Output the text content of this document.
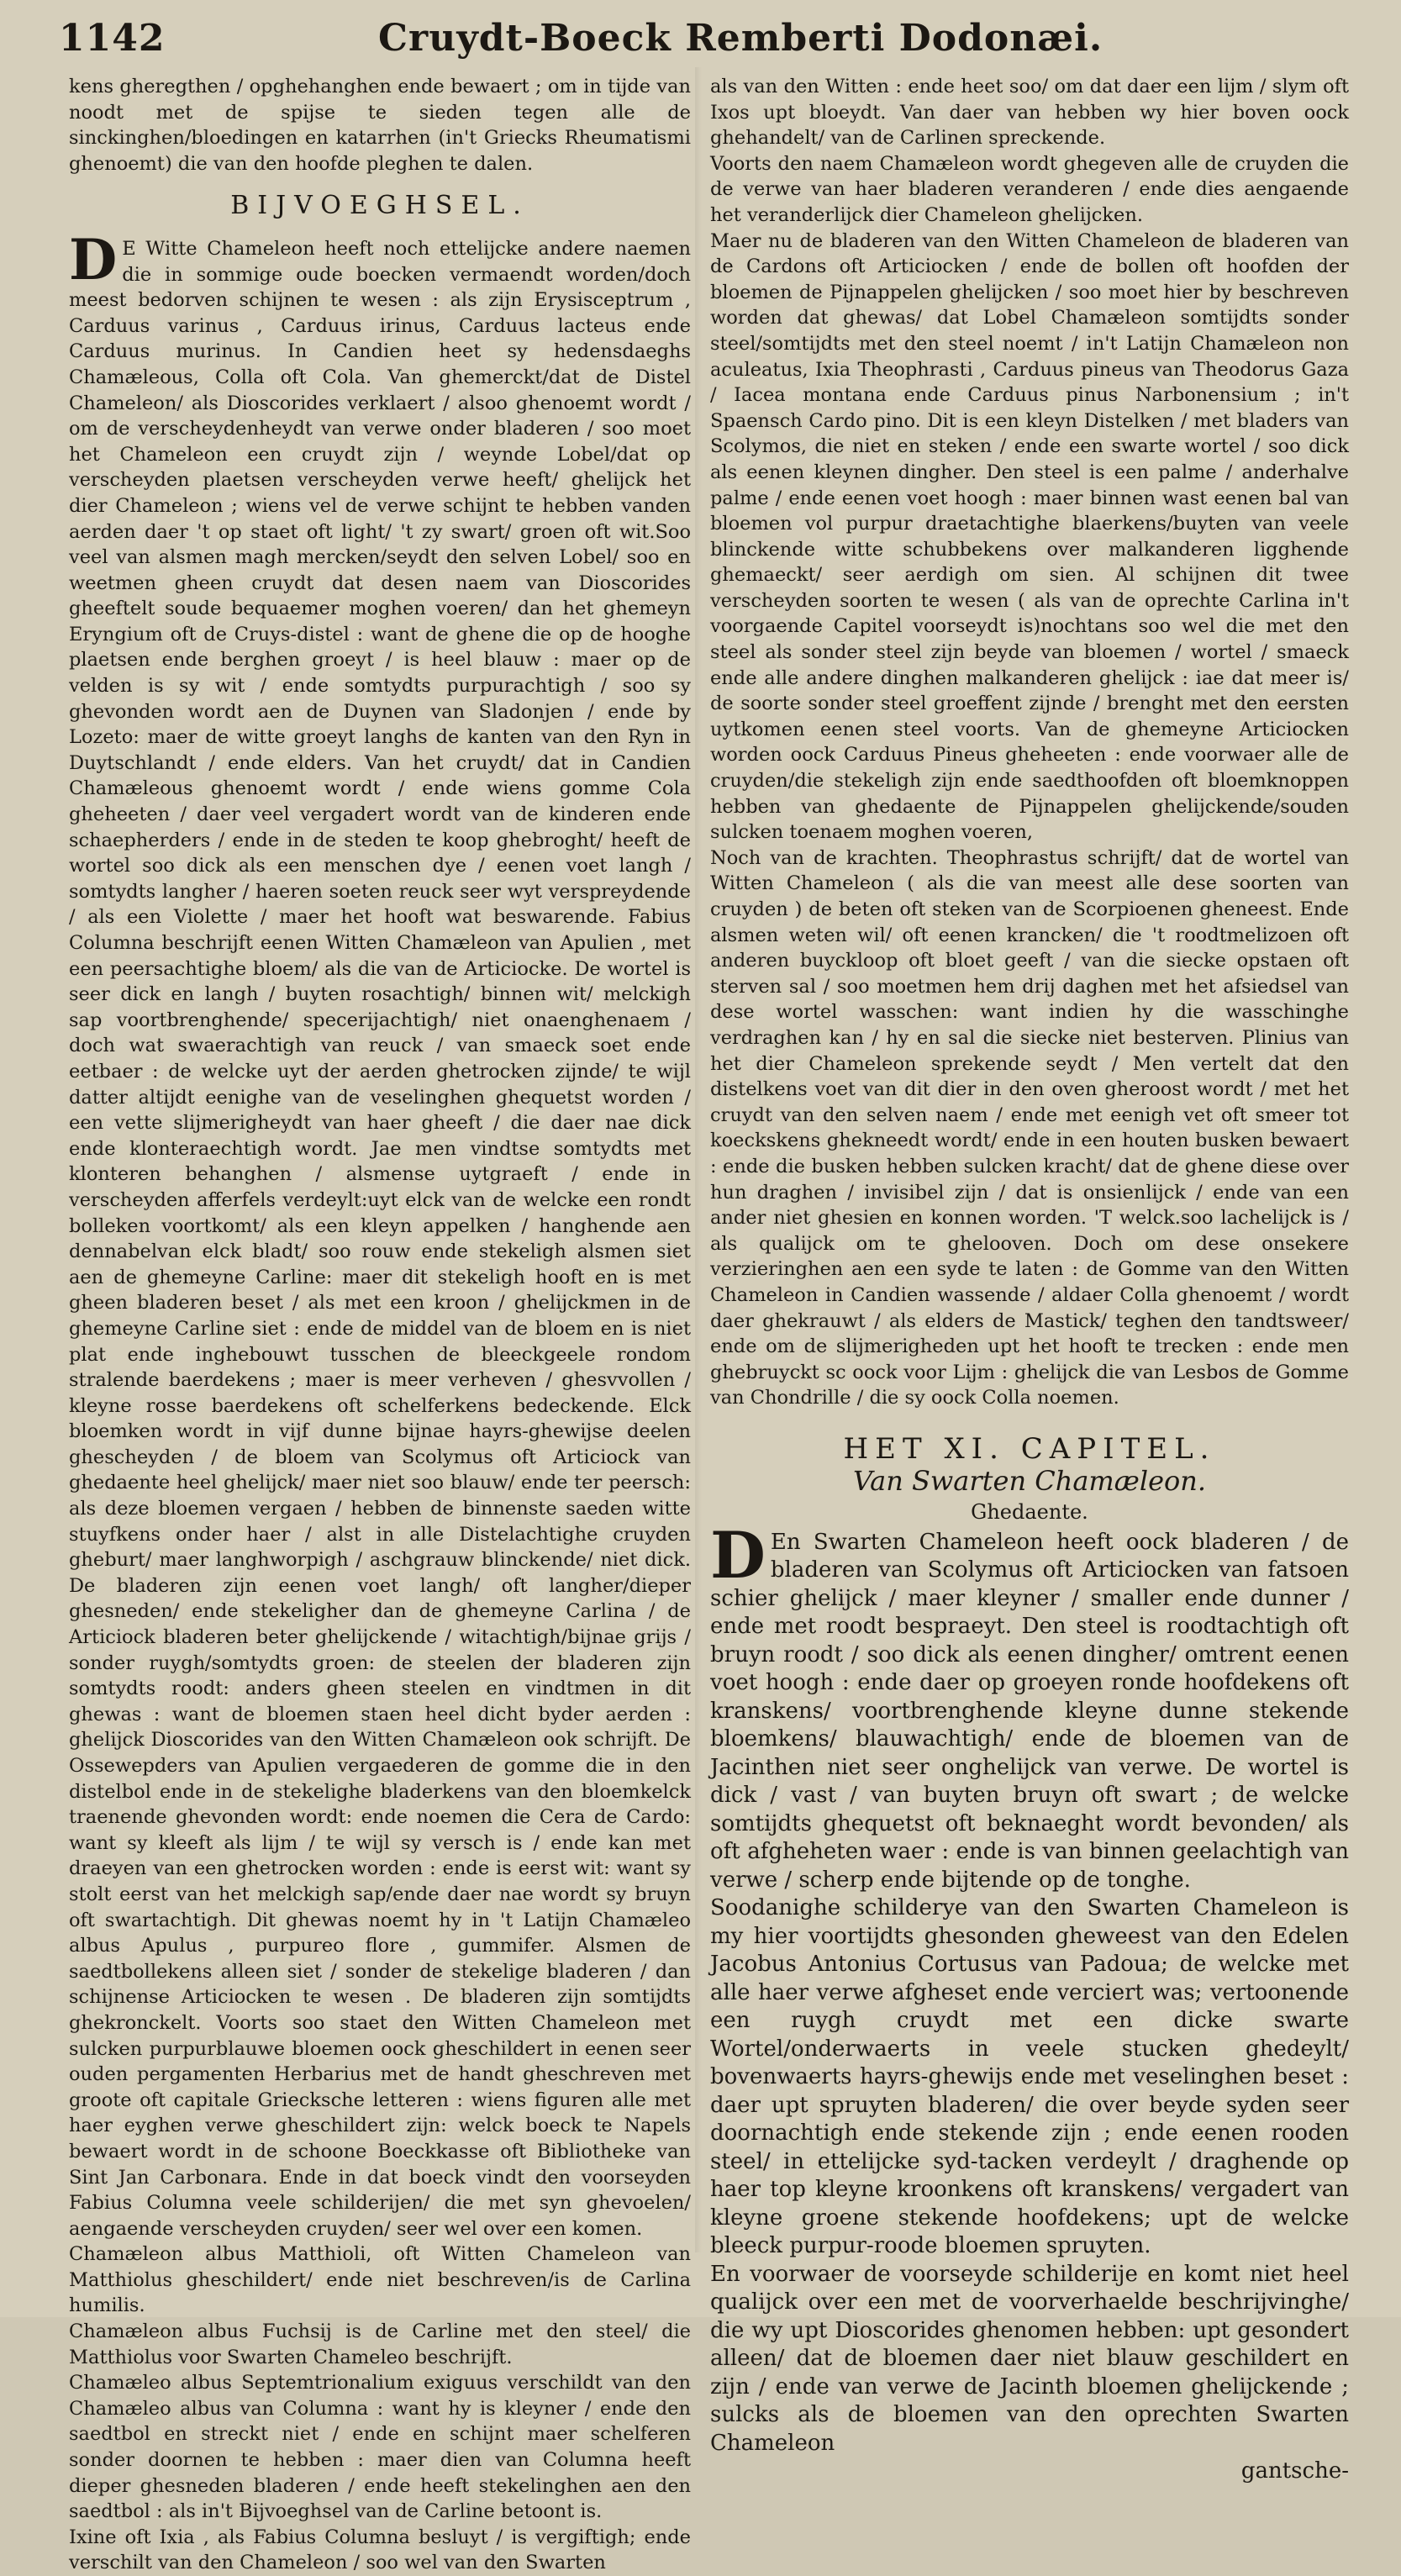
1142	Cruydt-Boeck Remberti Dodonæi.

kens gheregthen / opghehanghen ende bewaert ; om in tijde van noodt met de spijse te sieden tegen alle de sinckinghen/bloedingen en katarrhen (in't Griecks Rheumatismi ghenoemt) die van den hoofde pleghen te dalen.

BIJVOEGHSEL.

D E Witte Chameleon heeft noch ettelijcke andere naemen die in sommige oude boecken vermaendt worden/doch meest bedorven schijnen te wesen : als zijn Erysisceptrum , Carduus varinus , Carduus irinus, Carduus lacteus ende Carduus murinus. In Candien heet sy hedensdaeghs Chamæleous, Colla oft Cola. Van ghemerckt/dat de Distel Chameleon/ als Dioscorides verklaert / alsoo ghenoemt wordt / om de verscheydenheydt van verwe onder bladeren / soo moet het Chameleon een cruydt zijn / weynde Lobel/dat op verscheyden plaetsen verscheyden verwe heeft/ ghelijck het dier Chameleon ; wiens vel de verwe schijnt te hebben vanden aerden daer 't op staet oft light/ 't zy swart/ groen oft wit.Soo veel van alsmen magh mercken/seydt den selven Lobel/ soo en weetmen gheen cruydt dat desen naem van Dioscorides gheeftelt soude bequaemer moghen voeren/ dan het ghemeyn Eryngium oft de Cruys-distel : want de ghene die op de hooghe plaetsen ende berghen groeyt / is heel blauw : maer op de velden is sy wit / ende somtydts purpurachtigh / soo sy ghevonden wordt aen de Duynen van Sladonjen / ende by Lozeto: maer de witte groeyt langhs de kanten van den Ryn in Duytschlandt / ende elders. Van het cruydt/ dat in Candien Chamæleous ghenoemt wordt / ende wiens gomme Cola gheheeten / daer veel vergadert wordt van de kinderen ende schaepherders / ende in de steden te koop ghebroght/ heeft de wortel soo dick als een menschen dye / eenen voet langh / somtydts langher / haeren soeten reuck seer wyt verspreydende / als een Violette / maer het hooft wat beswarende. Fabius Columna beschrijft eenen Witten Chamæleon van Apulien , met een peersachtighe bloem/ als die van de Articiocke. De wortel is seer dick en langh / buyten rosachtigh/ binnen wit/ melckigh sap voortbrenghende/ specerijachtigh/ niet onaenghenaem / doch wat swaerachtigh van reuck / van smaeck soet ende eetbaer : de welcke uyt der aerden ghetrocken zijnde/ te wijl datter altijdt eenighe van de veselinghen ghequetst worden / een vette slijmerigheydt van haer gheeft / die daer nae dick ende klonteraechtigh wordt. Jae men vindtse somtydts met klonteren behanghen / alsmense uytgraeft / ende in verscheyden afferfels verdeylt:uyt elck van de welcke een rondt bolleken voortkomt/ als een kleyn appelken / hanghende aen dennabelvan elck bladt/ soo rouw ende stekeligh alsmen siet aen de ghemeyne Carline: maer dit stekeligh hooft en is met gheen bladeren beset / als met een kroon / ghelijckmen in de ghemeyne Carline siet : ende de middel van de bloem en is niet plat ende inghebouwt tusschen de bleeckgeele rondom stralende baerdekens ; maer is meer verheven / ghesvvollen / kleyne rosse baerdekens oft schelferkens bedeckende. Elck bloemken wordt in vijf dunne bijnae hayrs-ghewijse deelen ghescheyden / de bloem van Scolymus oft Articiock van ghedaente heel ghelijck/ maer niet soo blauw/ ende ter peersch: als deze bloemen vergaen / hebben de binnenste saeden witte stuyfkens onder haer / alst in alle Distelachtighe cruyden gheburt/ maer langhworpigh / aschgrauw blinckende/ niet dick. De bladeren zijn eenen voet langh/ oft langher/dieper ghesneden/ ende stekeligher dan de ghemeyne Carlina / de Articiock bladeren beter ghelijckende / witachtigh/bijnae grijs / sonder ruygh/somtydts groen: de steelen der bladeren zijn somtydts roodt: anders gheen steelen en vindtmen in dit ghewas : want de bloemen staen heel dicht byder aerden : ghelijck Dioscorides van den Witten Chamæleon ook schrijft. De Ossewepders van Apulien vergaederen de gomme die in den distelbol ende in de stekelighe bladerkens van den bloemkelck traenende ghevonden wordt: ende noemen die Cera de Cardo: want sy kleeft als lijm / te wijl sy versch is / ende kan met draeyen van een ghetrocken worden : ende is eerst wit: want sy stolt eerst van het melckigh sap/ende daer nae wordt sy bruyn oft swartachtigh. Dit ghewas noemt hy in 't Latijn Chamæleo albus Apulus , purpureo flore , gummifer. Alsmen de saedtbollekens alleen siet / sonder de stekelige bladeren / dan schijnense Articiocken te wesen . De bladeren zijn somtijdts ghekronckelt. Voorts soo staet den Witten Chameleon met sulcken purpurblauwe bloemen oock gheschildert in eenen seer ouden pergamenten Herbarius met de handt gheschreven met groote oft capitale Griecksche letteren : wiens figuren alle met haer eyghen verwe gheschildert zijn: welck boeck te Napels bewaert wordt in de schoone Boeckkasse oft Bibliotheke van Sint Jan Carbonara. Ende in dat boeck vindt den voorseyden Fabius Columna veele schilderijen/ die met syn ghevoelen/ aengaende verscheyden cruyden/ seer wel over een komen.

Chamæleon albus Matthioli, oft Witten Chameleon van Matthiolus gheschildert/ ende niet beschreven/is de Carlina humilis.

Chamæleon albus Fuchsij is de Carline met den steel/ die Matthiolus voor Swarten Chameleo beschrijft.

Chamæleo albus Septemtrionalium exiguus verschildt van den Chamæleo albus van Columna : want hy is kleyner / ende den saedtbol en streckt niet / ende en schijnt maer schelferen sonder doornen te hebben : maer dien van Columna heeft dieper ghesneden bladeren / ende heeft stekelinghen aen den saedtbol : als in't Bijvoeghsel van de Carline betoont is.

Ixine oft Ixia , als Fabius Columna besluyt / is vergiftigh; ende verschilt van den Chameleon / soo wel van den Swarten

als van den Witten : ende heet soo/ om dat daer een lijm / slym oft Ixos upt bloeydt. Van daer van hebben wy hier boven oock ghehandelt/ van de Carlinen spreckende.

Voorts den naem Chamæleon wordt ghegeven alle de cruyden die de verwe van haer bladeren veranderen / ende dies aengaende het veranderlijck dier Chameleon ghelijcken.

Maer nu de bladeren van den Witten Chameleon de bladeren van de Cardons oft Articiocken / ende de bollen oft hoofden der bloemen de Pijnappelen ghelijcken / soo moet hier by beschreven worden dat ghewas/ dat Lobel Chamæleon somtijdts sonder steel/somtijdts met den steel noemt / in't Latijn Chamæleon non aculeatus, Ixia Theophrasti , Carduus pineus van Theodorus Gaza / Iacea montana ende Carduus pinus Narbonensium ; in't Spaensch Cardo pino. Dit is een kleyn Distelken / met bladers van Scolymos, die niet en steken / ende een swarte wortel / soo dick als eenen kleynen dingher. Den steel is een palme / anderhalve palme / ende eenen voet hoogh : maer binnen wast eenen bal van bloemen vol purpur draetachtighe blaerkens/buyten van veele blinckende witte schubbekens over malkanderen ligghende ghemaeckt/ seer aerdigh om sien. Al schijnen dit twee verscheyden soorten te wesen ( als van de oprechte Carlina in't voorgaende Capitel voorseydt is)nochtans soo wel die met den steel als sonder steel zijn beyde van bloemen / wortel / smaeck ende alle andere dinghen malkanderen ghelijck : iae dat meer is/ de soorte sonder steel groeffent zijnde / brenght met den eersten uytkomen eenen steel voorts. Van de ghemeyne Articiocken worden oock Carduus Pineus gheheeten : ende voorwaer alle de cruyden/die stekeligh zijn ende saedthoofden oft bloemknoppen hebben van ghedaente de Pijnappelen ghelijckende/souden sulcken toenaem moghen voeren,

Noch van de krachten. Theophrastus schrijft/ dat de wortel van Witten Chameleon ( als die van meest alle dese soorten van cruyden ) de beten oft steken van de Scorpioenen gheneest. Ende alsmen weten wil/ oft eenen krancken/ die 't roodtmelizoen oft anderen buyckloop oft bloet geeft / van die siecke opstaen oft sterven sal / soo moetmen hem drij daghen met het afsiedsel van dese wortel wasschen: want indien hy die wasschinghe verdraghen kan / hy en sal die siecke niet besterven. Plinius van het dier Chameleon sprekende seydt / Men vertelt dat den distelkens voet van dit dier in den oven gheroost wordt / met het cruydt van den selven naem / ende met eenigh vet oft smeer tot koeckskens ghekneedt wordt/ ende in een houten busken bewaert : ende die busken hebben sulcken kracht/ dat de ghene diese over hun draghen / invisibel zijn / dat is onsienlijck / ende van een ander niet ghesien en konnen worden. 'T welck.soo lachelijck is / als qualijck om te ghelooven. Doch om dese onsekere verzieringhen aen een syde te laten : de Gomme van den Witten Chameleon in Candien wassende / aldaer Colla ghenoemt / wordt daer ghekrauwt / als elders de Mastick/ teghen den tandtsweer/ ende om de slijmerigheden upt het hooft te trecken : ende men ghebruyckt sc oock voor Lijm : ghelijck die van Lesbos de Gomme van Chondrille / die sy oock Colla noemen.

HET XI. CAPITEL.

Van Swarten Chamæleon.

Ghedaente.

D En Swarten Chameleon heeft oock bladeren / de bladeren van Scolymus oft Articiocken van fatsoen schier ghelijck / maer kleyner / smaller ende dunner / ende met roodt bespraeyt. Den steel is roodtachtigh oft bruyn roodt / soo dick als eenen dingher/ omtrent eenen voet hoogh : ende daer op groeyen ronde hoofdekens oft kranskens/ voortbrenghende kleyne dunne stekende bloemkens/ blauwachtigh/ ende de bloemen van de Jacinthen niet seer onghelijck van verwe. De wortel is dick / vast / van buyten bruyn oft swart ; de welcke somtijdts ghequetst oft beknaeght wordt bevonden/ als oft afgheheten waer : ende is van binnen geelachtigh van verwe / scherp ende bijtende op de tonghe.

Soodanighe schilderye van den Swarten Chameleon is my hier voortijdts ghesonden gheweest van den Edelen Jacobus Antonius Cortusus van Padoua; de welcke met alle haer verwe afgheset ende verciert was; vertoonende een ruygh cruydt met een dicke swarte Wortel/onderwaerts in veele stucken ghedeylt/ bovenwaerts hayrs-ghewijs ende met veselinghen beset : daer upt spruyten bladeren/ die over beyde syden seer doornachtigh ende stekende zijn ; ende eenen rooden steel/ in ettelijcke syd-tacken verdeylt / draghende op haer top kleyne kroonkens oft kranskens/ vergadert van kleyne groene stekende hoofdekens; upt de welcke bleeck purpur-roode bloemen spruyten.

En voorwaer de voorseyde schilderije en komt niet heel qualijck over een met de voorverhaelde beschrijvinghe/ die wy upt Dioscorides ghenomen hebben: upt gesondert alleen/ dat de bloemen daer niet blauw geschildert en zijn / ende van verwe de Jacinth bloemen ghelijckende ; sulcks als de bloemen van den oprechten Swarten Chameleon

gantsche-
